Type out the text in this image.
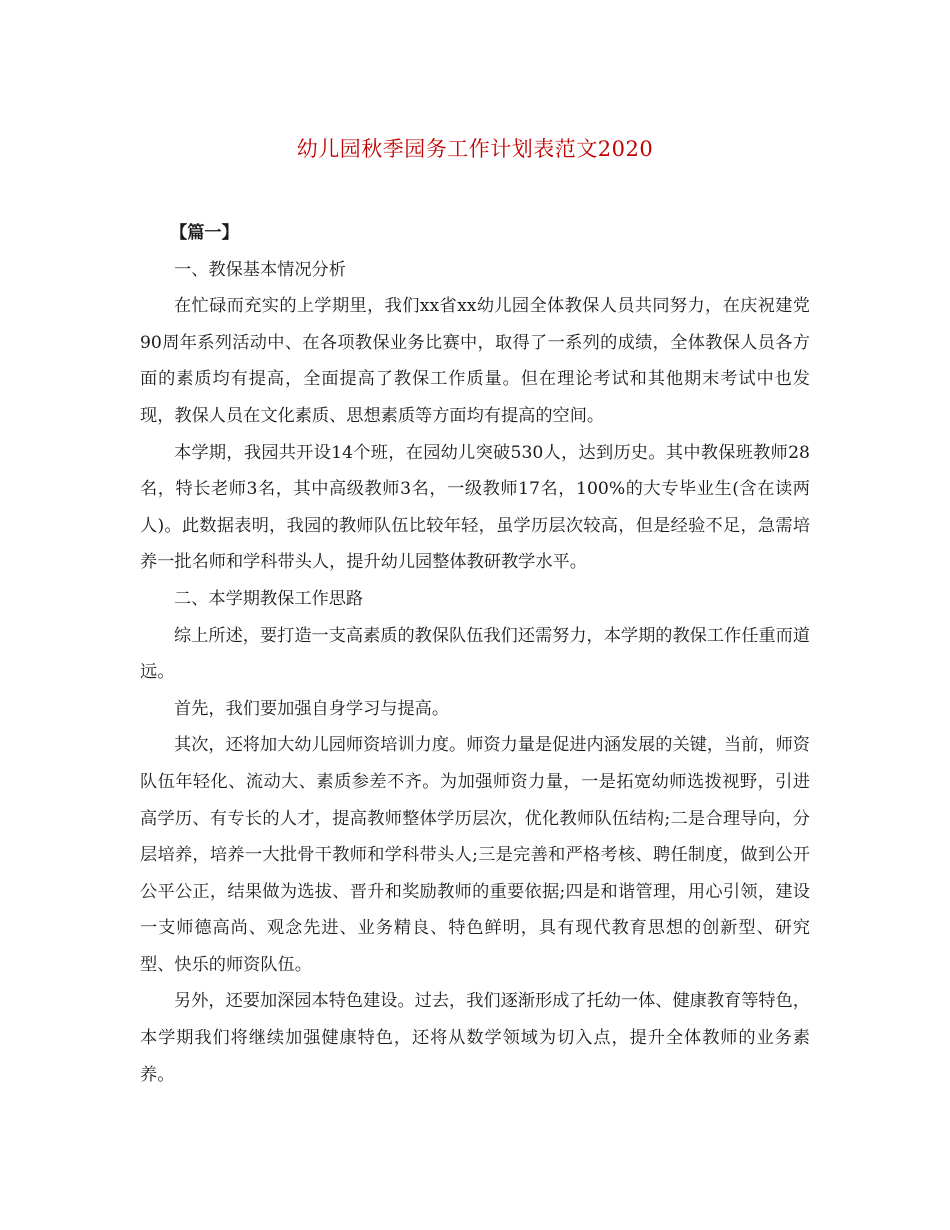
幼儿园秋季园务工作计划表范文2020

【篇一】

一、教保基本情况分析

在忙碌而充实的上学期里，我们xx省xx幼儿园全体教保人员共同努力，在庆祝建党90周年系列活动中、在各项教保业务比赛中，取得了一系列的成绩，全体教保人员各方面的素质均有提高，全面提高了教保工作质量。但在理论考试和其他期末考试中也发现，教保人员在文化素质、思想素质等方面均有提高的空间。

本学期，我园共开设14个班，在园幼儿突破530人，达到历史。其中教保班教师28名，特长老师3名，其中高级教师3名，一级教师17名，100%的大专毕业生(含在读两人)。此数据表明，我园的教师队伍比较年轻，虽学历层次较高，但是经验不足，急需培养一批名师和学科带头人，提升幼儿园整体教研教学水平。

二、本学期教保工作思路

综上所述，要打造一支高素质的教保队伍我们还需努力，本学期的教保工作任重而道远。

首先，我们要加强自身学习与提高。

其次，还将加大幼儿园师资培训力度。师资力量是促进内涵发展的关键，当前，师资队伍年轻化、流动大、素质参差不齐。为加强师资力量，一是拓宽幼师选拨视野，引进高学历、有专长的人才，提高教师整体学历层次，优化教师队伍结构;二是合理导向，分层培养，培养一大批骨干教师和学科带头人;三是完善和严格考核、聘任制度，做到公开公平公正，结果做为选拔、晋升和奖励教师的重要依据;四是和谐管理，用心引领，建设一支师德高尚、观念先进、业务精良、特色鲜明，具有现代教育思想的创新型、研究型、快乐的师资队伍。

另外，还要加深园本特色建设。过去，我们逐渐形成了托幼一体、健康教育等特色，本学期我们将继续加强健康特色，还将从数学领域为切入点，提升全体教师的业务素养。
